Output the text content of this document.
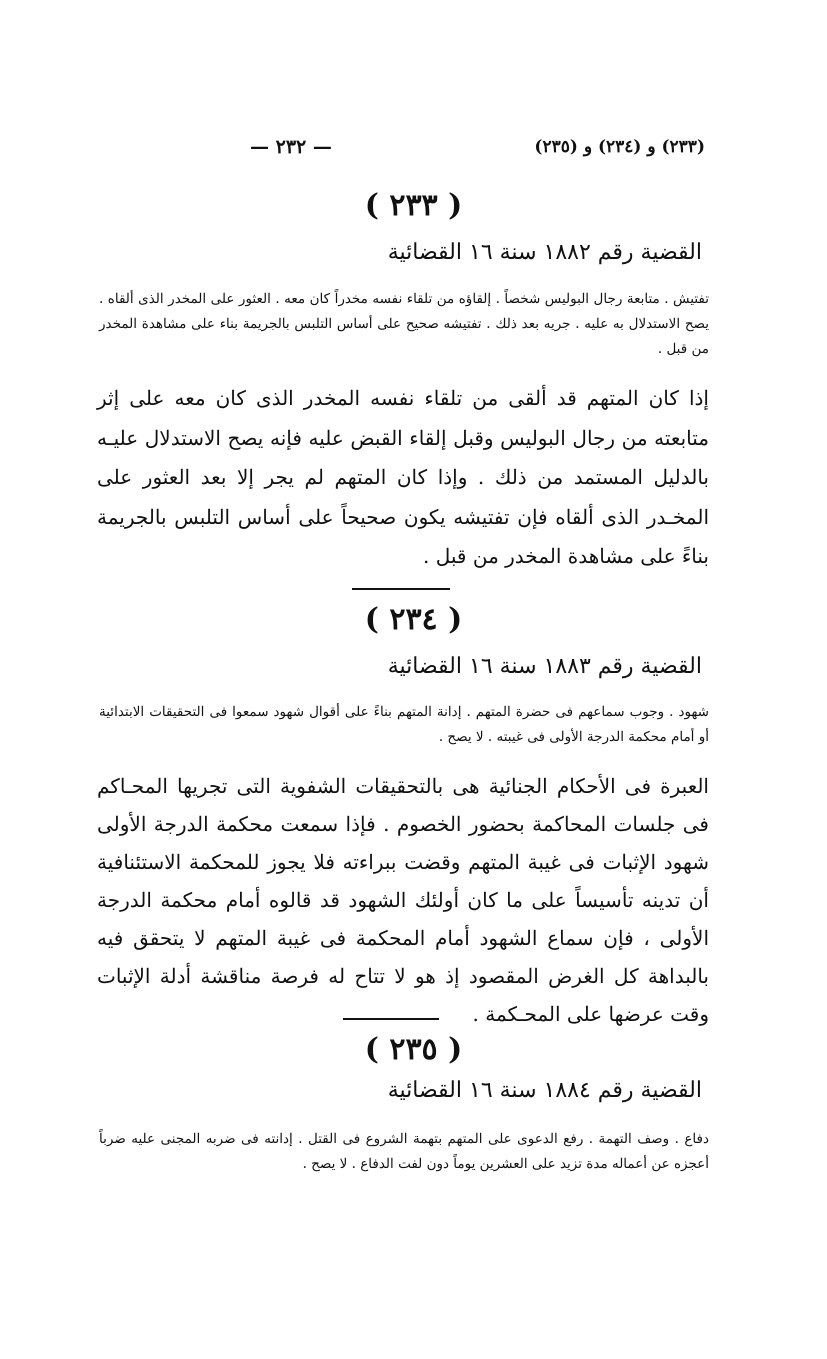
— ٢٣٢ —	(٢٣٣) و (٢٣٤) و (٢٣٥)
( ٢٣٣ )
القضية رقم ١٨٨٢ سنة ١٦ القضائية
تفتيش . متابعة رجال البوليس شخصاً . إلقاؤه من تلقاء نفسه مخدراً كان معه . العثور على المخدر الذى ألقاه . يصح الاستدلال به عليه . جريه بعد ذلك . تفتيشه صحيح على أساس التلبس بالجريمة بناء على مشاهدة المخدر من قبل .
إذا كان المتهم قد ألقى من تلقاء نفسه المخدر الذى كان معه على إثر متابعته من رجال البوليس وقبل إلقاء القبض عليه فإنه يصح الاستدلال عليـه بالدليل المستمد من ذلك . وإذا كان المتهم لم يجر إلا بعد العثور على المخـدر الذى ألقاه فإن تفتيشه يكون صحيحاً على أساس التلبس بالجريمة بناءً على مشاهدة المخدر من قبل .
( ٢٣٤ )
القضية رقم ١٨٨٣ سنة ١٦ القضائية
شهود . وجوب سماعهم فى حضرة المتهم . إدانة المتهم بناءً على أقوال شهود سمعوا فى التحقيقات الابتدائية أو أمام محكمة الدرجة الأولى فى غيبته . لا يصح .
العبرة فى الأحكام الجنائية هى بالتحقيقات الشفوية التى تجريها المحـاكم فى جلسات المحاكمة بحضور الخصوم . فإذا سمعت محكمة الدرجة الأولى شهود الإثبات فى غيبة المتهم وقضت ببراءته فلا يجوز للمحكمة الاستئنافية أن تدينه تأسيساً على ما كان أولئك الشهود قد قالوه أمام محكمة الدرجة الأولى ، فإن سماع الشهود أمام المحكمة فى غيبة المتهم لا يتحقق فيه بالبداهة كل الغرض المقصود إذ هو لا تتاح له فرصة مناقشة أدلة الإثبات وقت عرضها على المحـكمة .
( ٢٣٥ )
القضية رقم ١٨٨٤ سنة ١٦ القضائية
دفاع . وصف التهمة . رفع الدعوى على المتهم بتهمة الشروع فى القتل . إدانته فى ضربه المجنى عليه ضرباً أعجزه عن أعماله مدة تزيد على العشرين يوماً دون لفت الدفاع . لا يصح .
